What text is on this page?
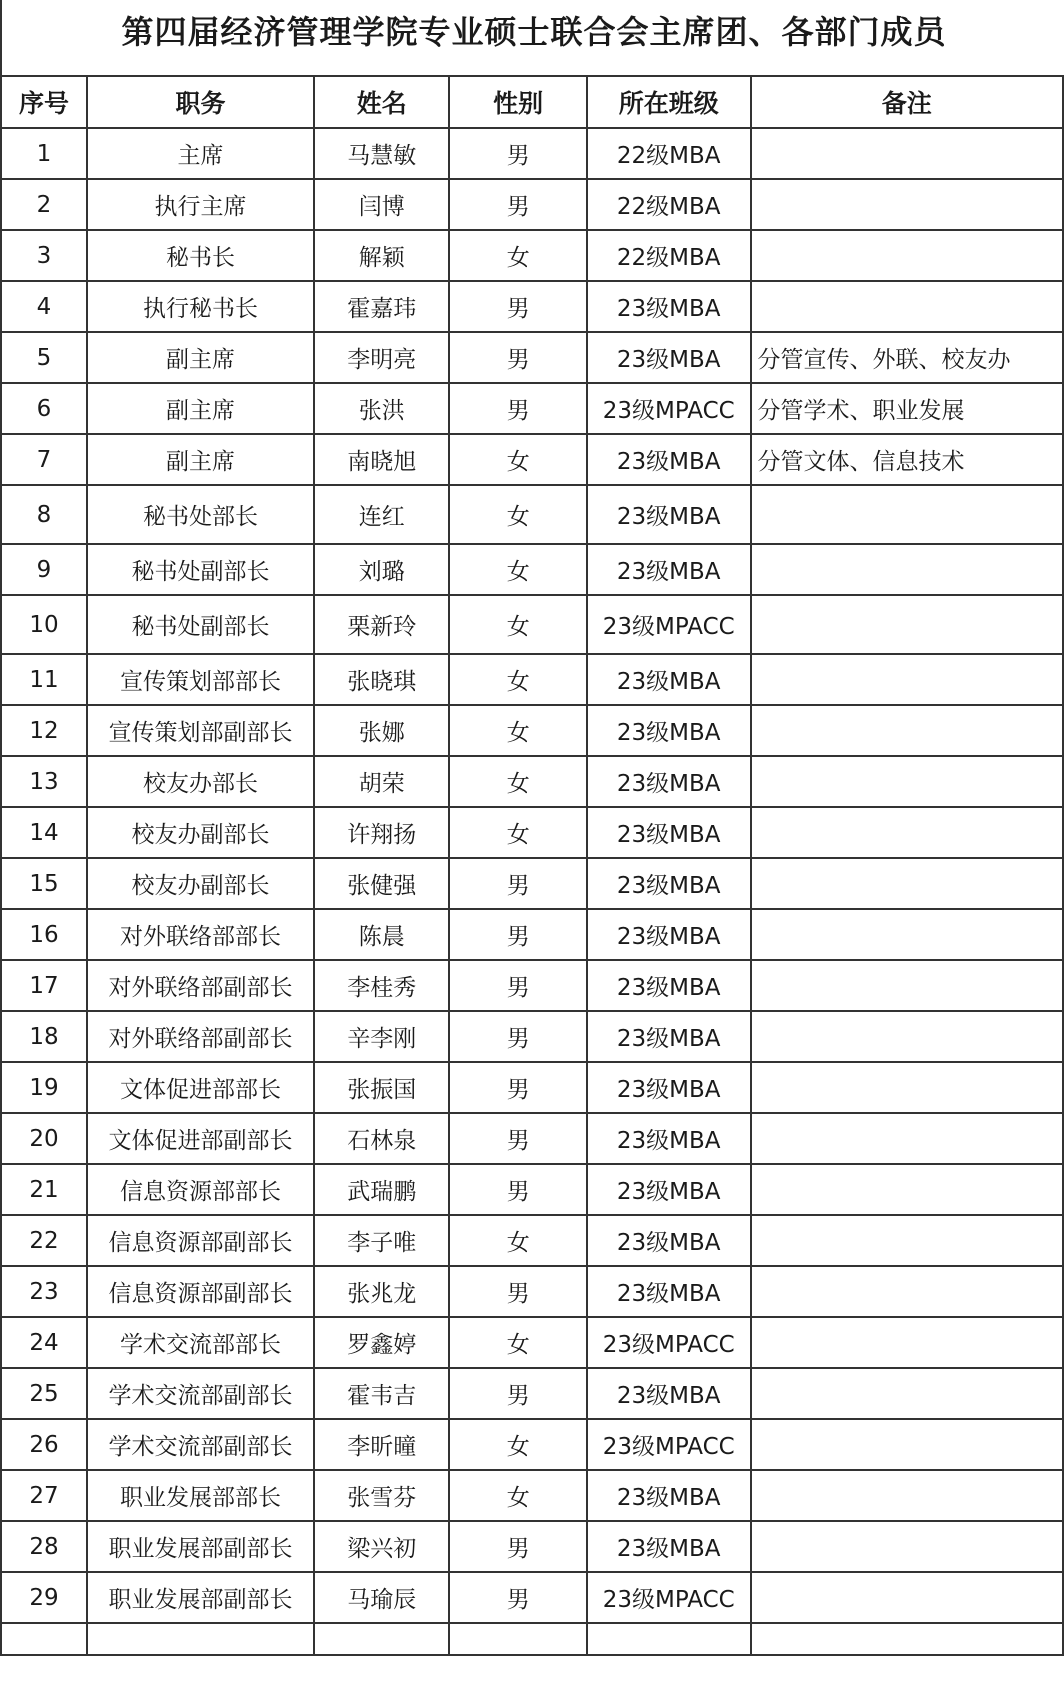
第四届经济管理学院专业硕士联合会主席团、各部门成员
序号	职务	姓名	性别	所在班级	备注
1	主席	马慧敏	男	22级MBA	
2	执行主席	闫博	男	22级MBA	
3	秘书长	解颖	女	22级MBA	
4	执行秘书长	霍嘉玮	男	23级MBA	
5	副主席	李明亮	男	23级MBA	分管宣传、外联、校友办
6	副主席	张洪	男	23级MPACC	分管学术、职业发展
7	副主席	南晓旭	女	23级MBA	分管文体、信息技术
8	秘书处部长	连红	女	23级MBA	
9	秘书处副部长	刘璐	女	23级MBA	
10	秘书处副部长	栗新玲	女	23级MPACC	
11	宣传策划部部长	张晓琪	女	23级MBA	
12	宣传策划部副部长	张娜	女	23级MBA	
13	校友办部长	胡荣	女	23级MBA	
14	校友办副部长	许翔扬	女	23级MBA	
15	校友办副部长	张健强	男	23级MBA	
16	对外联络部部长	陈晨	男	23级MBA	
17	对外联络部副部长	李桂秀	男	23级MBA	
18	对外联络部副部长	辛李刚	男	23级MBA	
19	文体促进部部长	张振国	男	23级MBA	
20	文体促进部副部长	石林泉	男	23级MBA	
21	信息资源部部长	武瑞鹏	男	23级MBA	
22	信息资源部副部长	李子唯	女	23级MBA	
23	信息资源部副部长	张兆龙	男	23级MBA	
24	学术交流部部长	罗鑫婷	女	23级MPACC	
25	学术交流部副部长	霍韦吉	男	23级MBA	
26	学术交流部副部长	李昕曈	女	23级MPACC	
27	职业发展部部长	张雪芬	女	23级MBA	
28	职业发展部副部长	梁兴初	男	23级MBA	
29	职业发展部副部长	马瑜辰	男	23级MPACC	
